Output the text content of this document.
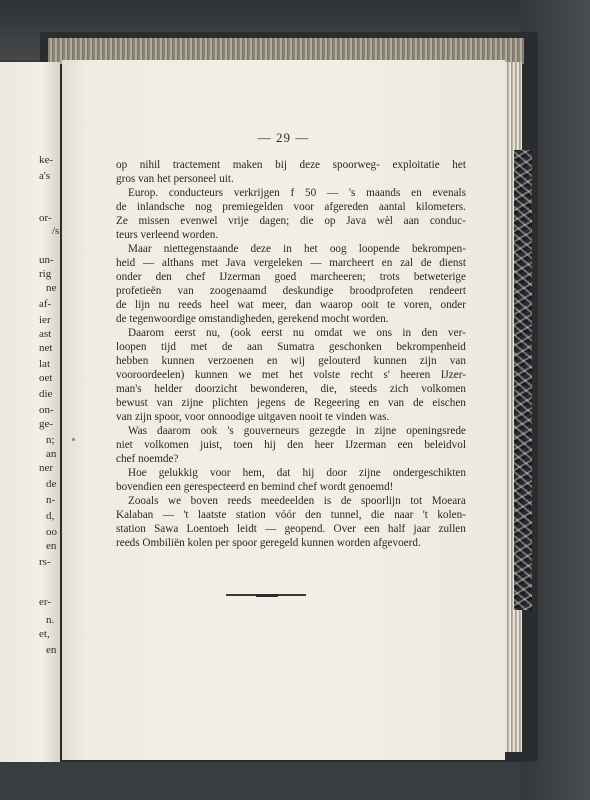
ke-
a's
or-
/s
un-
rig
ne
af-
ier
ast
net
lat
oet
die
on-
ge-
n;
an
ner
de
n-
d,
oo
en
rs-
er-
n.
et,
en
— 29 —
op nihil tractement maken bij deze spoorweg- exploitatie het
gros van het personeel uit.
Europ. conducteurs verkrijgen f 50 — 's maands en evenals
de inlandsche nog premiegelden voor afgereden aantal kilometers.
Ze missen evenwel vrije dagen; die op Java wèl aan conduc-
teurs verleend worden.
Maar niettegenstaande deze in het oog loopende bekrompen-
heid — althans met Java vergeleken — marcheert en zal de dienst
onder den chef IJzerman goed marcheeren; trots betweterige
profetieën van zoogenaamd deskundige broodprofeten rendeert
de lijn nu reeds heel wat meer, dan waarop ooit te voren, onder
de tegenwoordige omstandigheden, gerekend mocht worden.
Daarom eerst nu, (ook eerst nu omdat we ons in den ver-
loopen tijd met de aan Sumatra geschonken bekrompenheid
hebben kunnen verzoenen en wij gelouterd kunnen zijn van
vooroordeelen) kunnen we met het volste recht s' heeren IJzer-
man's helder doorzicht bewonderen, die, steeds zich volkomen
bewust van zijne plichten jegens de Regeering en van de eischen
van zijn spoor, voor onnoodige uitgaven nooit te vinden was.
Was daarom ook 's gouverneurs gezegde in zijne openingsrede
niet volkomen juist, toen hij den heer IJzerman een beleidvol
chef noemde?
Hoe gelukkig voor hem, dat hij door zijne ondergeschikten
bovendien een gerespecteerd en bemind chef wordt genoemd!
Zooals we boven reeds meedeelden is de spoorlijn tot Moeara
Kalaban — 't laatste station vóór den tunnel, die naar 't kolen-
station Sawa Loentoeh leidt — geopend. Over een half jaar zullen
reeds Ombiliën kolen per spoor geregeld kunnen worden afgevoerd.
